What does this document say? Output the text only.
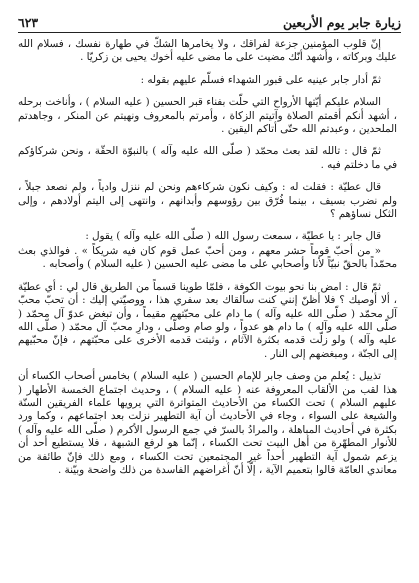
زيارة جابر يوم الأربعين
٦٢٣

إنّ قلوب المؤمنين جزعة لفراقك ، ولا يخامرها الشكّ في طهارة نفسك ، فسلام الله عليك وبركاته ، وأشهد أنّك مضيت على ما مضى عليه أخوك يحيى بن زكريّا .

ثمّ أدار جابر عينيه على قبور الشهداء فسلّم عليهم بقوله :

السلام عليكم أيّتها الأرواح التي حلّت بفناء قبر الحسين ( عليه السلام ) ، وأناخت برحله ، أشهد أنكم أقمتم الصلاة وآتيتم الزكاة ، وأمرتم بالمعروف ونهيتم عن المنكر ، وجاهدتم الملحدين ، وعبدتم الله حتّى أتاكم اليقين .

ثمّ قال : تالله لقد بعث محمّد ( صلّى الله عليه وآله ) بالنبوّة الحقّة ، ونحن شركاؤكم في ما دخلتم فيه .

قال عطيّة : فقلت له : وكيف نكون شركاءهم ونحن لم ننزل وادياً ، ولم نصعد جبلاً ، ولم نضرب بسيف ، بينما فُرّق بين رؤوسهم وأبدانهم ، وانتهى إلى اليتم أولادهم ، وإلى الثكل نساؤهم ؟

قال جابر : يا عطيّة ، سمعت رسول الله ( صلّى الله عليه وآله ) يقول :

« من أحبّ قوماً حشر معهم ، ومن أحبّ عمل قوم كان فيه شريكاً » . فوالذي بعث محمّداً بالحقّ نبيّاً لأنا وأصحابي على ما مضى عليه الحسين ( عليه السلام ) وأصحابه .

ثمّ قال : امض بنا نحو بيوت الكوفة ، فلمّا طوينا قسماً من الطريق قال لي : أي عطيّة ، ألا أوصيك ؟ فلا أظنّ إنني كنت سألقاك بعد سفري هذا ، ووصيّتي إليك : أن تحبّ محبّ آل محمّد ( صلّى الله عليه وآله ) ما دام على محبّتهم مقيماً ، وأن تبغض عدوّ آل محمّد ( صلّى الله عليه وآله ) ما دام هو عدواً ، ولو صام وصلّى ، ودارِ محبّ آل محمّد ( صلّى الله عليه وآله ) ولو زلّت قدمه بكثرة الآثام ، وثبتت قدمه الأخرى على محبّتهم ، فإنّ محبّيهم إلى الجنّة ، ومبغضهم إلى النار .

تذييل : يُعلم من وصف جابر للإمام الحسين ( عليه السلام ) بخامس أصحاب الكساء أن هذا لقب من الألقاب المعروفة عنه ( عليه السلام ) ، وحديث اجتماع الخمسة الأطهار ( عليهم السلام ) تحت الكساء من الأحاديث المتواترة التي يرويها علماء الفريقين السنّة والشيعة على السواء ، وجاء في الأحاديث أن آية التطهير نزلت بعد اجتماعهم ، وكما ورد بكثرة في أحاديث المباهلة ، والمرادُ بالسرّ في جمع الرسول الأكرم ( صلّى الله عليه وآله ) للأنوار المطهّرة من أهل البيت تحت الكساء ، إنّما هو لرفع الشبهة ، فلا يستطيع أحد أن يزعم شمول آية التطهير أحداً غير المجتمعين تحت الكساء ، ومع ذلك فإنّ طائفة من معاندي العامّة قالوا بتعميم الآية ، إلّا أنّ أغراضهم الفاسدة من ذلك واضحة وبيّنة .
